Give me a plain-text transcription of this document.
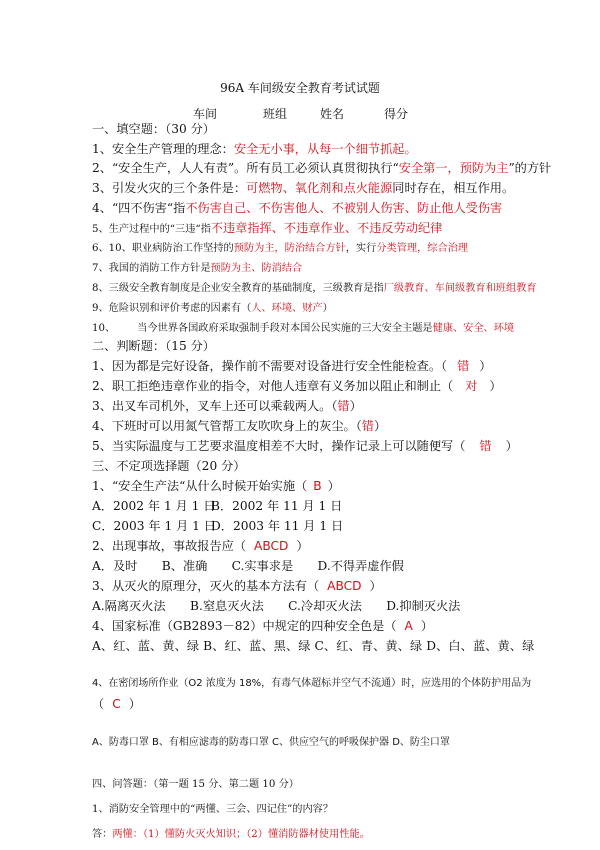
96A 车间级安全教育考试试题
车间	班组	姓名	得分
一、填空题：（30 分）
1、安全生产管理的理念：安全无小事，从每一个细节抓起。
2、“安全生产，人人有责”。所有员工必须认真贯彻执行“安全第一，预防为主”的方针
3、引发火灾的三个条件是：可燃物、氧化剂和点火能源同时存在，相互作用。
4、“四不伤害“指不伤害自己、不伤害他人、不被别人伤害、防止他人受伤害
5、生产过程中的“三违“指不违章指挥、不违章作业、不违反劳动纪律
6、10、职业病防治工作坚持的预防为主，防治结合方针，实行分类管理，综合治理
7、我国的消防工作方针是预防为主、防消结合
8、三级安全教育制度是企业安全教育的基础制度，三级教育是指厂级教育、车间级教育和班组教育
9、危险识别和评价考虑的因素有（人、环境、财产）
10、 当今世界各国政府采取强制手段对本国公民实施的三大安全主题是健康、安全、环境
二、判断题：（15 分）
1、因为都是完好设备，操作前不需要对设备进行安全性能检查。（ 错 ）
2、职工拒绝违章作业的指令，对他人违章有义务加以阻止和制止（ 对 ）
3、出叉车司机外，叉车上还可以乘载两人。（错）
4、下班时可以用氮气管帮工友吹吹身上的灰尘。（错）
5、当实际温度与工艺要求温度相差不大时，操作记录上可以随便写（ 错 ）
三、不定项选择题（20 分）
1、“安全生产法“从什么时候开始实施（ B ）
A．2002 年 1 月 1 日
B．2002 年 11 月 1 日
C．2003 年 1 月 1 日
D．2003 年 11 月 1 日
2、出现事故，事故报告应（ ABCD ）
A．及时　　B、准确　　C.实事求是　　D.不得弄虚作假
3、从灭火的原理分，灭火的基本方法有（ ABCD ）
A.隔离灭火法　　B.窒息灭火法　　C.冷却灭火法　　D.抑制灭火法
4、国家标准（GB2893－82）中规定的四种安全色是（ A ）
A、红、蓝、黄、绿 B、红、蓝、黑、绿 C、红、青、黄、绿 D、白、蓝、黄、绿
4、在密闭场所作业（O2 浓度为 18%，有毒气体超标并空气不流通）时，应选用的个体防护用品为
（ C ）
A、防毒口罩 B、有相应滤毒的防毒口罩 C、供应空气的呼吸保护器 D、防尘口罩
四、问答题：（第一题 15 分、第二题 10 分）
1、消防安全管理中的“两懂、三会、四记住”的内容？
答：两懂：（1）懂防火灭火知识；（2）懂消防器材使用性能。
